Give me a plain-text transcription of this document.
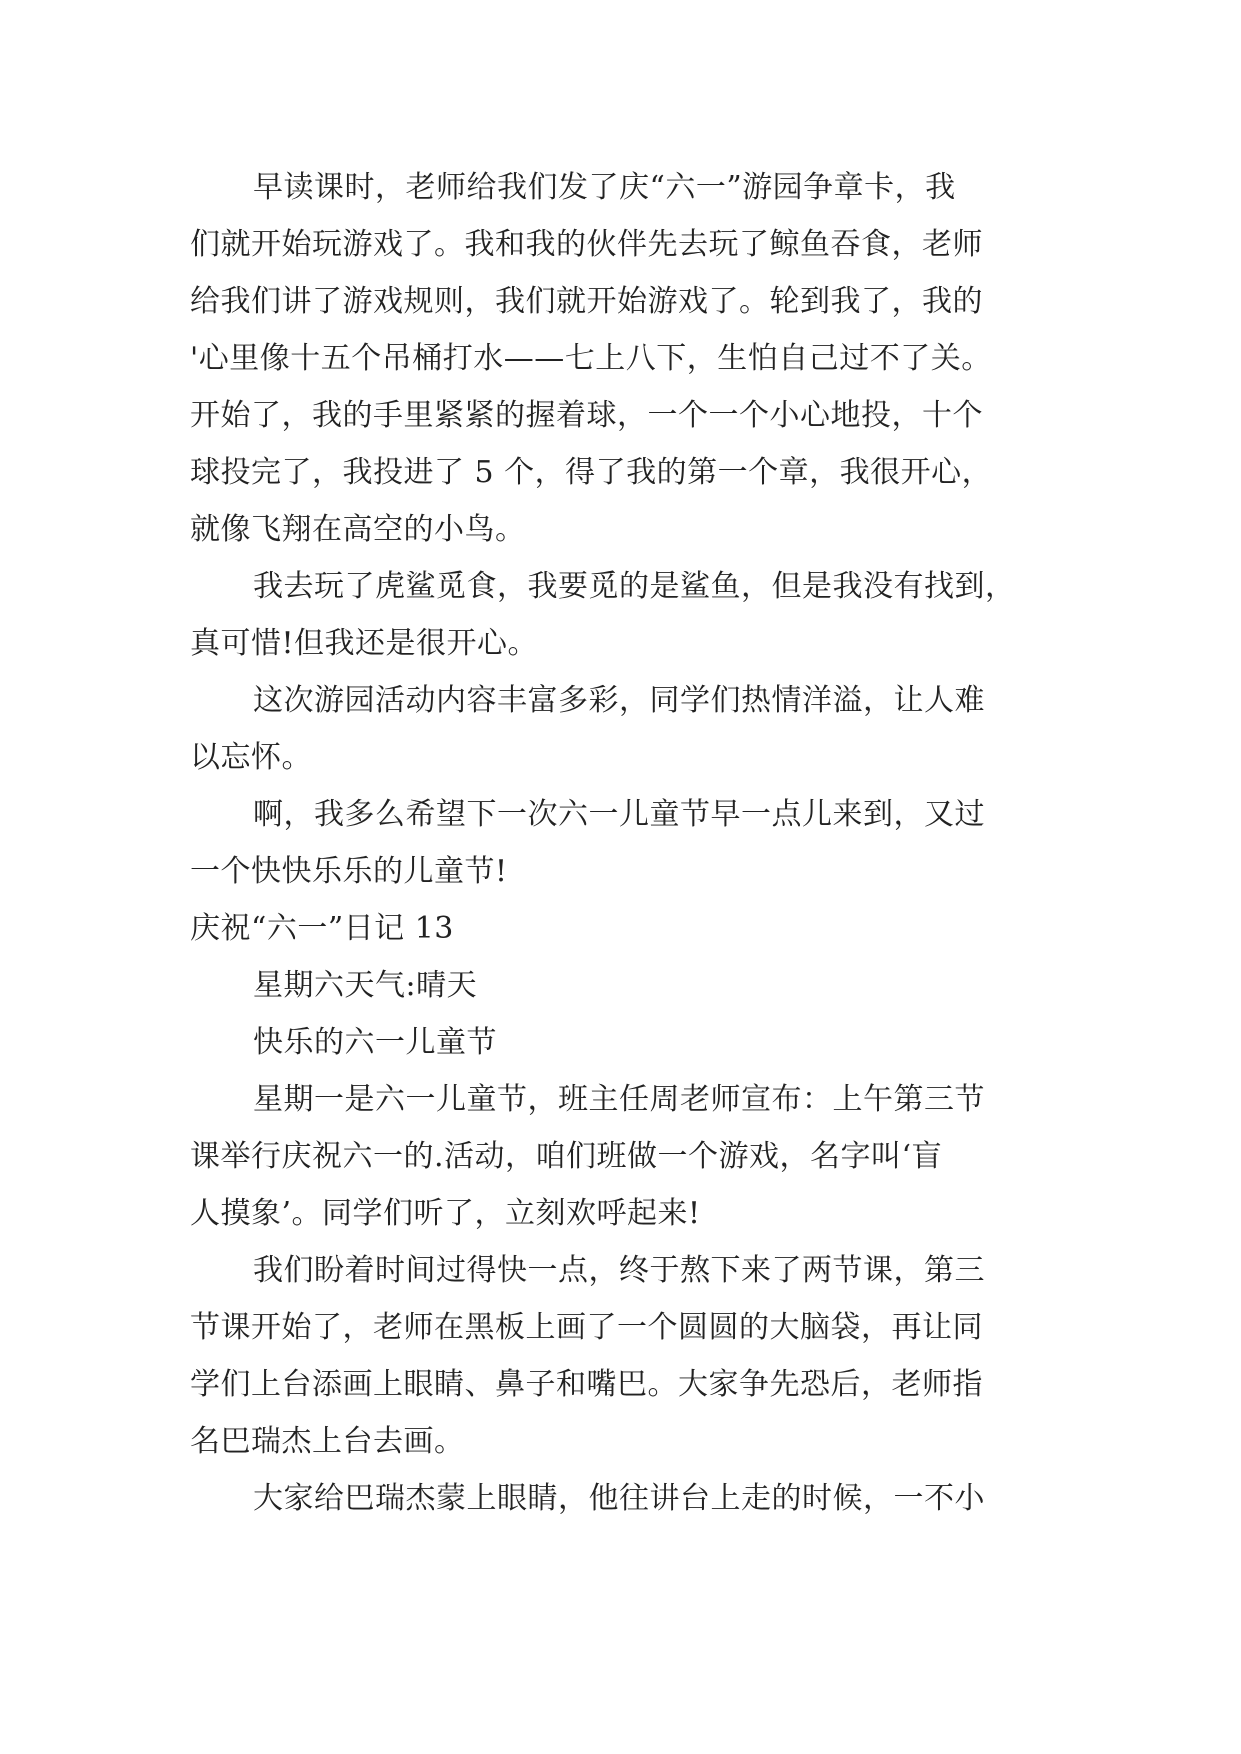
早读课时，老师给我们发了庆“六一”游园争章卡，我
们就开始玩游戏了。我和我的伙伴先去玩了鲸鱼吞食，老师
给我们讲了游戏规则，我们就开始游戏了。轮到我了，我的
'心里像十五个吊桶打水——七上八下，生怕自己过不了关。
开始了，我的手里紧紧的握着球，一个一个小心地投，十个
球投完了，我投进了 5 个，得了我的第一个章，我很开心，
就像飞翔在高空的小鸟。
我去玩了虎鲨觅食，我要觅的是鲨鱼，但是我没有找到，
真可惜!但我还是很开心。
这次游园活动内容丰富多彩，同学们热情洋溢，让人难
以忘怀。
啊，我多么希望下一次六一儿童节早一点儿来到，又过
一个快快乐乐的儿童节!
庆祝“六一”日记 13
星期六天气:晴天
快乐的六一儿童节
星期一是六一儿童节，班主任周老师宣布：上午第三节
课举行庆祝六一的.活动，咱们班做一个游戏，名字叫‘盲
人摸象’。同学们听了，立刻欢呼起来!
我们盼着时间过得快一点，终于熬下来了两节课，第三
节课开始了，老师在黑板上画了一个圆圆的大脑袋，再让同
学们上台添画上眼睛、鼻子和嘴巴。大家争先恐后，老师指
名巴瑞杰上台去画。
大家给巴瑞杰蒙上眼睛，他往讲台上走的时候，一不小
